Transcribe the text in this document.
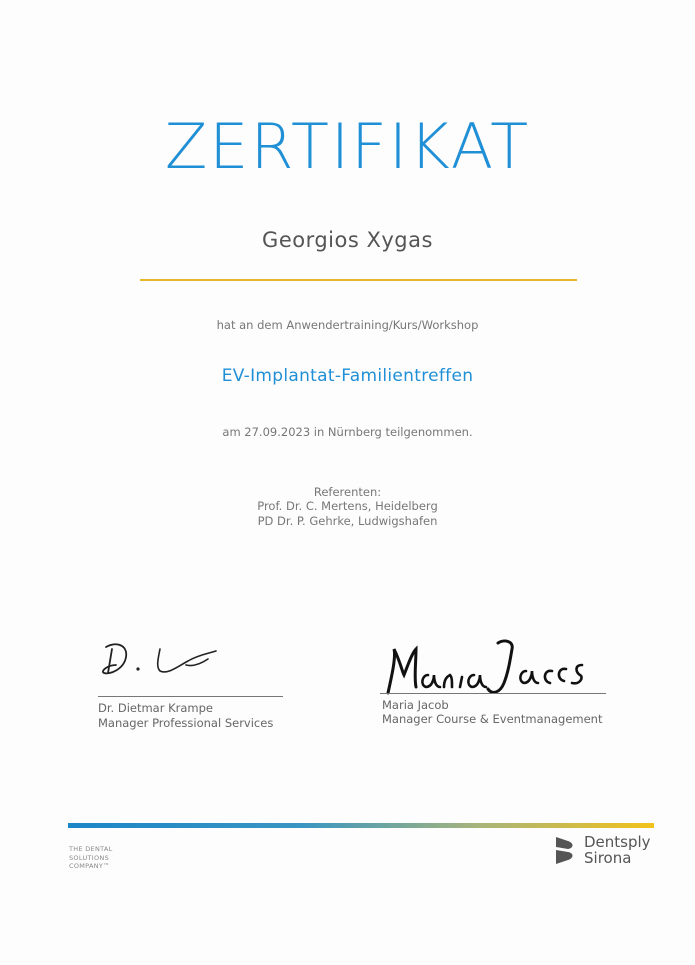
ZERTIFIKAT
Georgios Xygas
hat an dem Anwendertraining/Kurs/Workshop
EV-Implantat-Familientreffen
am 27.09.2023 in Nürnberg teilgenommen.
Referenten:
Prof. Dr. C. Mertens, Heidelberg
PD Dr. P. Gehrke, Ludwigshafen
Dr. Dietmar Krampe
Manager Professional Services
Maria Jacob
Manager Course & Eventmanagement
THE DENTAL
SOLUTIONS
COMPANY™
Dentsply
Sirona
